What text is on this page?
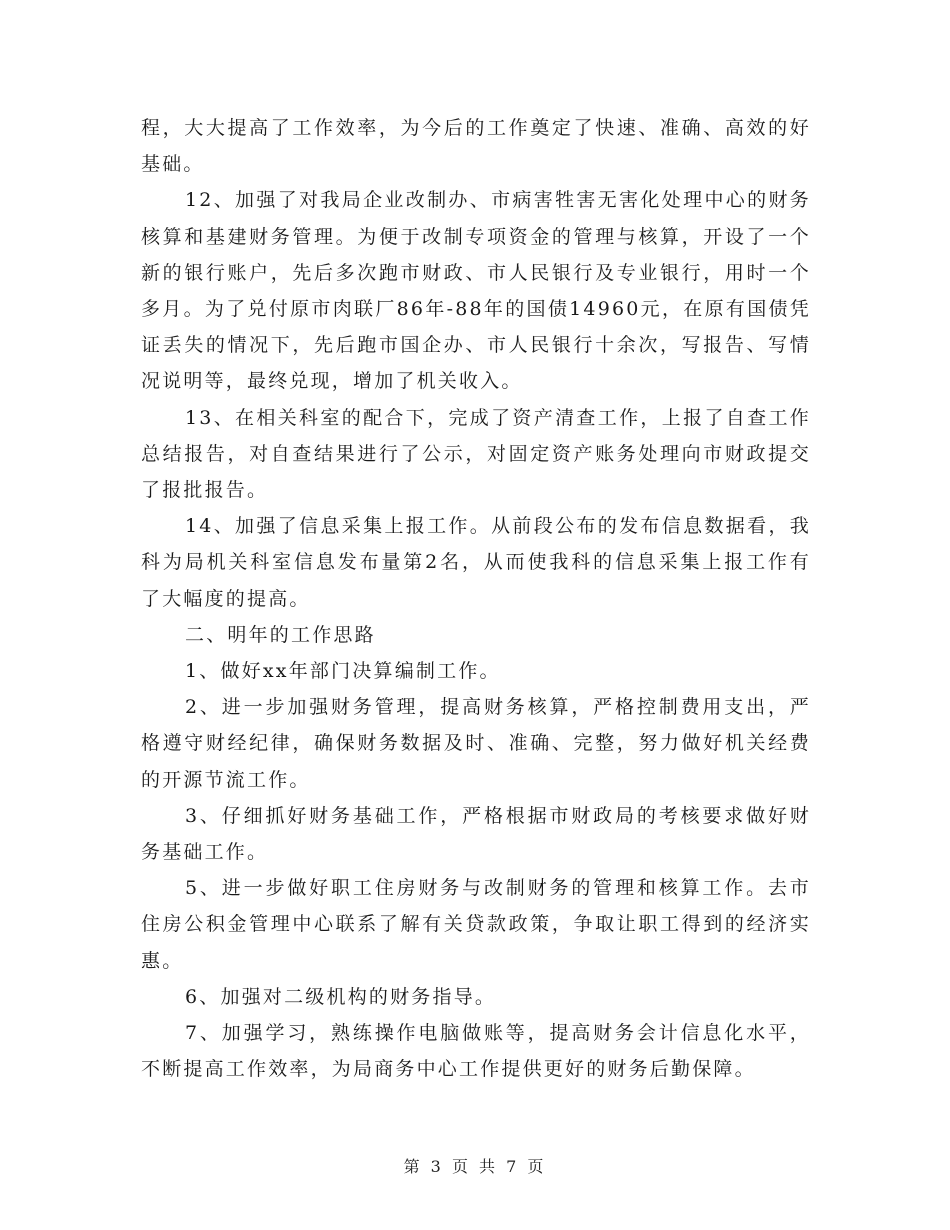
程，大大提高了工作效率，为今后的工作奠定了快速、准确、高效的好基础。

12、加强了对我局企业改制办、市病害牲害无害化处理中心的财务核算和基建财务管理。为便于改制专项资金的管理与核算，开设了一个新的银行账户，先后多次跑市财政、市人民银行及专业银行，用时一个多月。为了兑付原市肉联厂86年-88年的国债14960元，在原有国债凭证丢失的情况下，先后跑市国企办、市人民银行十余次，写报告、写情况说明等，最终兑现，增加了机关收入。

13、在相关科室的配合下，完成了资产清查工作，上报了自查工作总结报告，对自查结果进行了公示，对固定资产账务处理向市财政提交了报批报告。

14、加强了信息采集上报工作。从前段公布的发布信息数据看，我科为局机关科室信息发布量第2名，从而使我科的信息采集上报工作有了大幅度的提高。

二、明年的工作思路

1、做好xx年部门决算编制工作。

2、进一步加强财务管理，提高财务核算，严格控制费用支出，严格遵守财经纪律，确保财务数据及时、准确、完整，努力做好机关经费的开源节流工作。

3、仔细抓好财务基础工作，严格根据市财政局的考核要求做好财务基础工作。

5、进一步做好职工住房财务与改制财务的管理和核算工作。去市住房公积金管理中心联系了解有关贷款政策，争取让职工得到的经济实惠。

6、加强对二级机构的财务指导。

7、加强学习，熟练操作电脑做账等，提高财务会计信息化水平，不断提高工作效率，为局商务中心工作提供更好的财务后勤保障。

第 3 页 共 7 页
